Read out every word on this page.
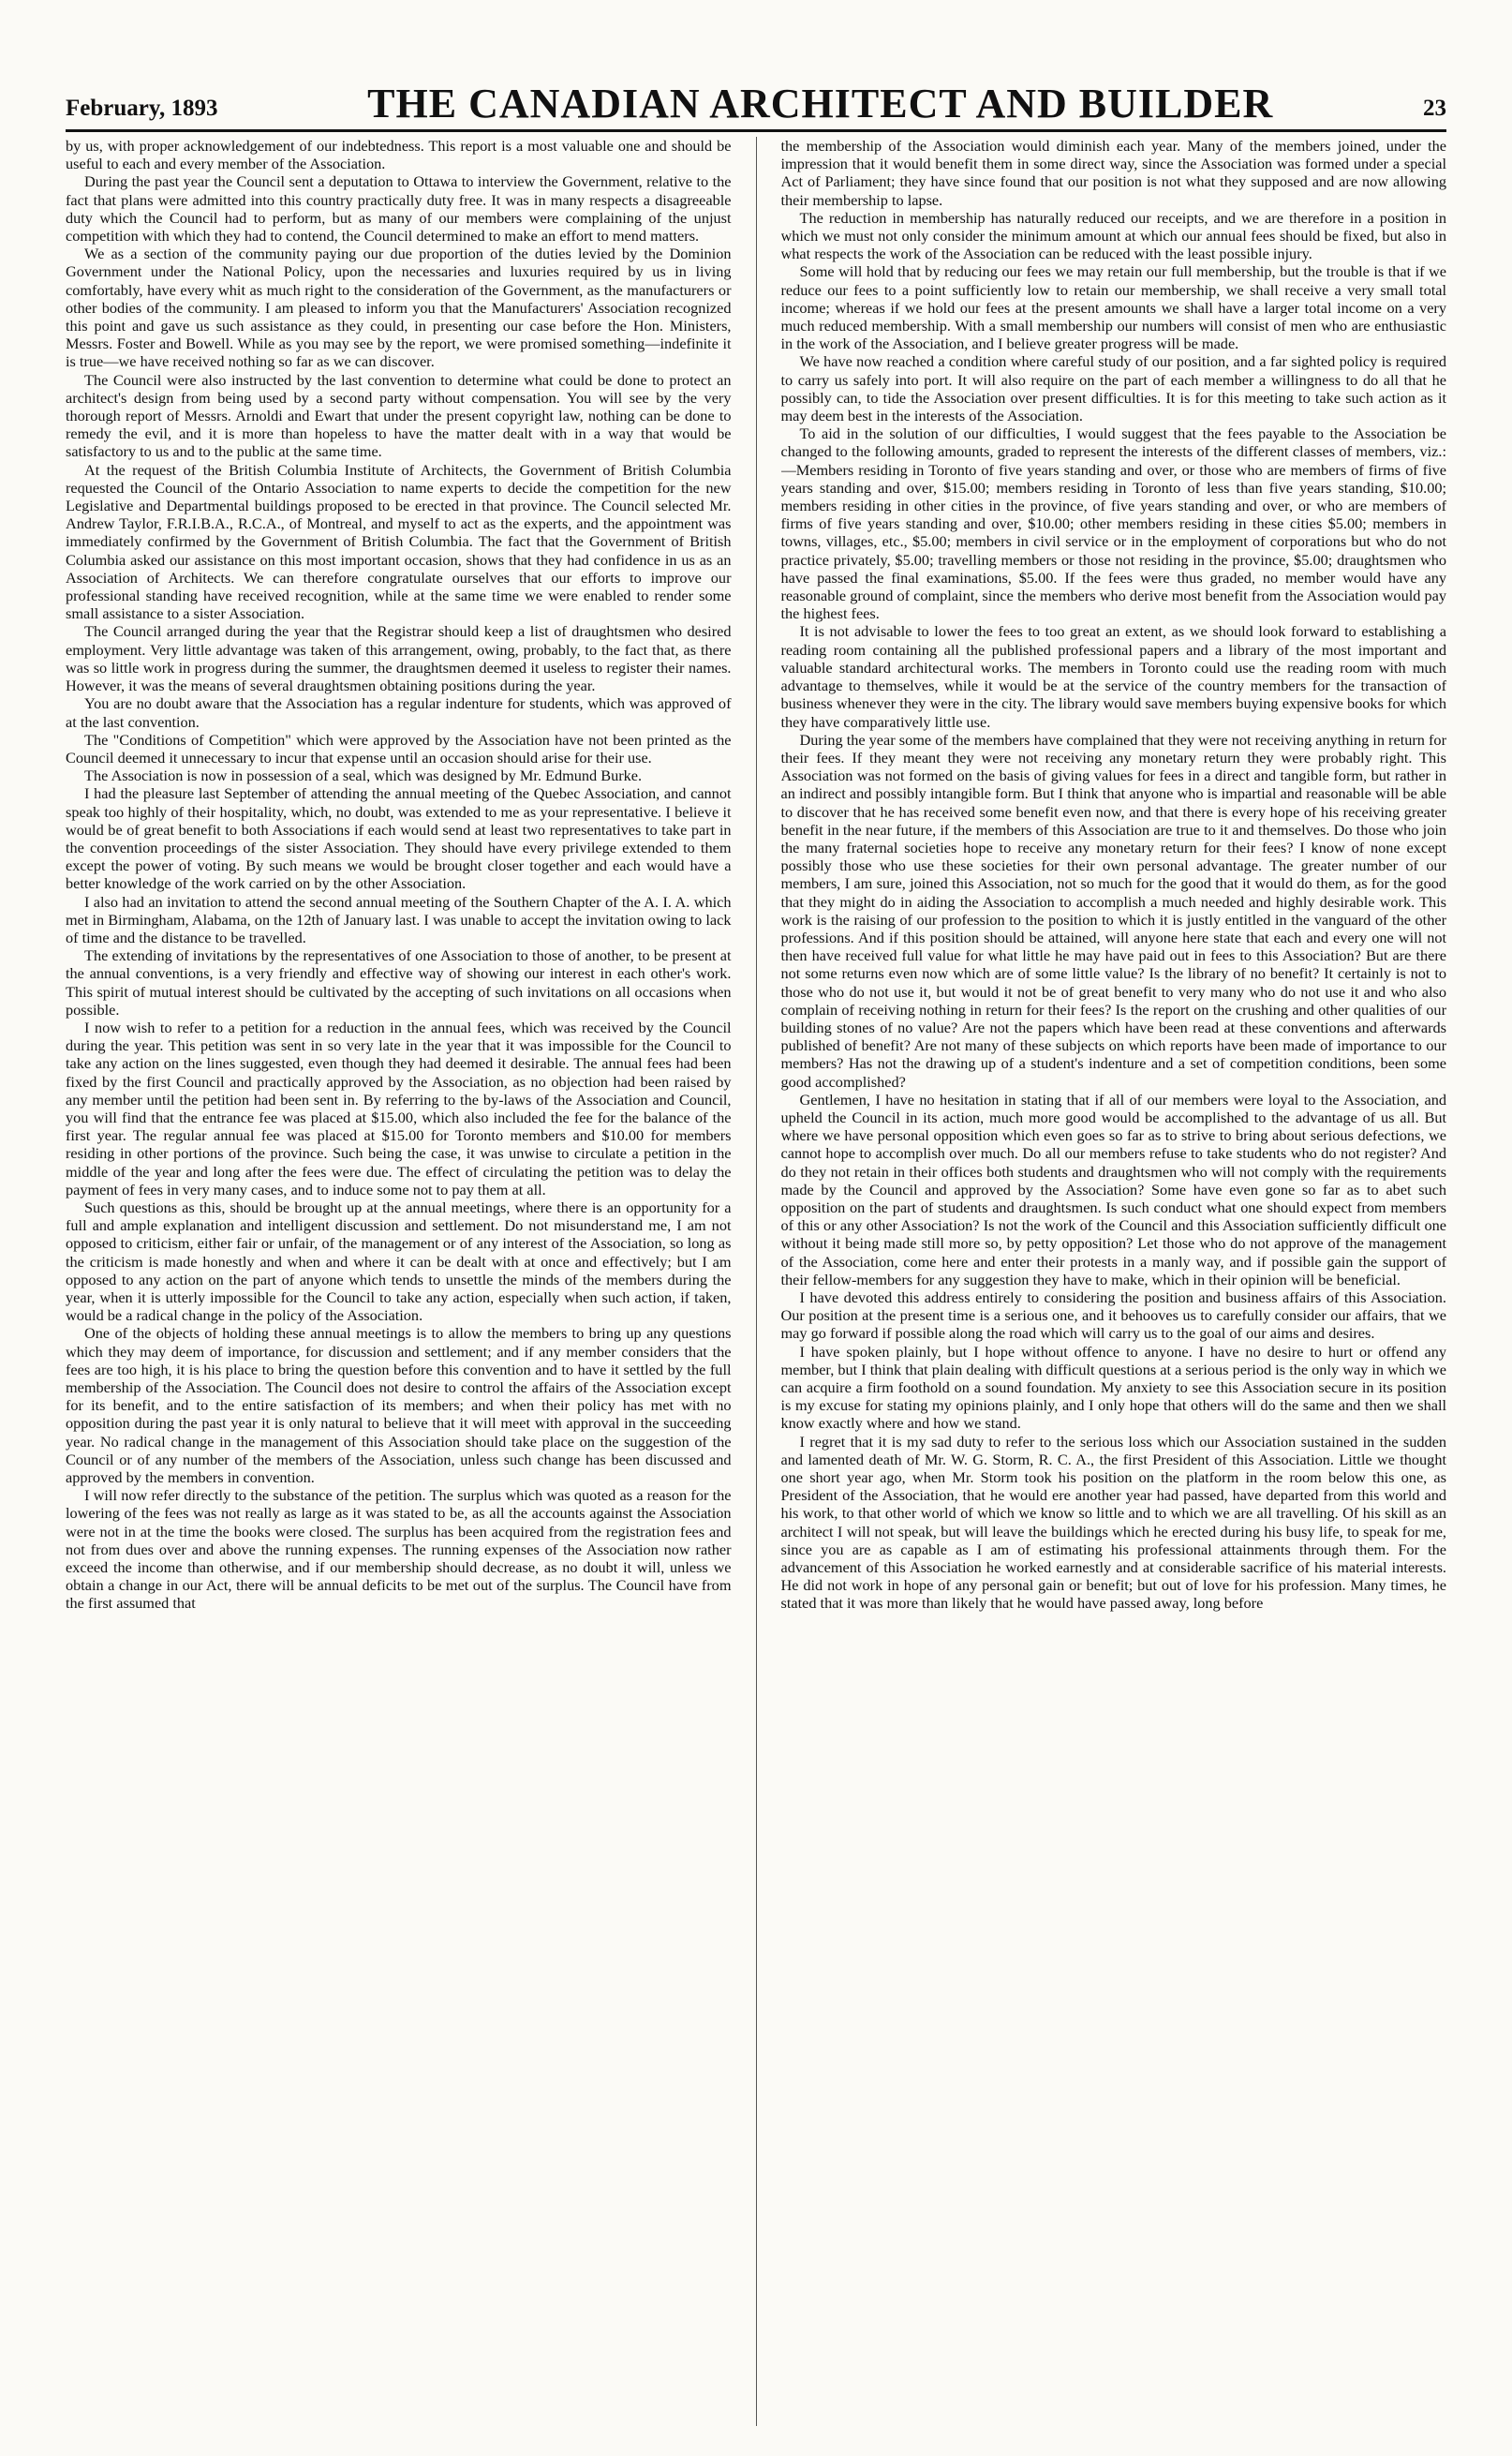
February, 1893	THE CANADIAN ARCHITECT AND BUILDER	23

by us, with proper acknowledgement of our indebtedness. This report is a most valuable one and should be useful to each and every member of the Association.

During the past year the Council sent a deputation to Ottawa to interview the Government, relative to the fact that plans were admitted into this country practically duty free. It was in many respects a disagreeable duty which the Council had to perform, but as many of our members were complaining of the unjust competition with which they had to contend, the Council determined to make an effort to mend matters.

We as a section of the community paying our due proportion of the duties levied by the Dominion Government under the National Policy, upon the necessaries and luxuries required by us in living comfortably, have every whit as much right to the consideration of the Government, as the manufacturers or other bodies of the community. I am pleased to inform you that the Manufacturers' Association recognized this point and gave us such assistance as they could, in presenting our case before the Hon. Ministers, Messrs. Foster and Bowell. While as you may see by the report, we were promised something—indefinite it is true—we have received nothing so far as we can discover.

The Council were also instructed by the last convention to determine what could be done to protect an architect's design from being used by a second party without compensation. You will see by the very thorough report of Messrs. Arnoldi and Ewart that under the present copyright law, nothing can be done to remedy the evil, and it is more than hopeless to have the matter dealt with in a way that would be satisfactory to us and to the public at the same time.

At the request of the British Columbia Institute of Architects, the Government of British Columbia requested the Council of the Ontario Association to name experts to decide the competition for the new Legislative and Departmental buildings proposed to be erected in that province. The Council selected Mr. Andrew Taylor, F.R.I.B.A., R.C.A., of Montreal, and myself to act as the experts, and the appointment was immediately confirmed by the Government of British Columbia. The fact that the Government of British Columbia asked our assistance on this most important occasion, shows that they had confidence in us as an Association of Architects. We can therefore congratulate ourselves that our efforts to improve our professional standing have received recognition, while at the same time we were enabled to render some small assistance to a sister Association.

The Council arranged during the year that the Registrar should keep a list of draughtsmen who desired employment. Very little advantage was taken of this arrangement, owing, probably, to the fact that, as there was so little work in progress during the summer, the draughtsmen deemed it useless to register their names. However, it was the means of several draughtsmen obtaining positions during the year.

You are no doubt aware that the Association has a regular indenture for students, which was approved of at the last convention.

The "Conditions of Competition" which were approved by the Association have not been printed as the Council deemed it unnecessary to incur that expense until an occasion should arise for their use.

The Association is now in possession of a seal, which was designed by Mr. Edmund Burke.

I had the pleasure last September of attending the annual meeting of the Quebec Association, and cannot speak too highly of their hospitality, which, no doubt, was extended to me as your representative. I believe it would be of great benefit to both Associations if each would send at least two representatives to take part in the convention proceedings of the sister Association. They should have every privilege extended to them except the power of voting. By such means we would be brought closer together and each would have a better knowledge of the work carried on by the other Association.

I also had an invitation to attend the second annual meeting of the Southern Chapter of the A. I. A. which met in Birmingham, Alabama, on the 12th of January last. I was unable to accept the invitation owing to lack of time and the distance to be travelled.

The extending of invitations by the representatives of one Association to those of another, to be present at the annual conventions, is a very friendly and effective way of showing our interest in each other's work. This spirit of mutual interest should be cultivated by the accepting of such invitations on all occasions when possible.

I now wish to refer to a petition for a reduction in the annual fees, which was received by the Council during the year. This petition was sent in so very late in the year that it was impossible for the Council to take any action on the lines suggested, even though they had deemed it desirable. The annual fees had been fixed by the first Council and practically approved by the Association, as no objection had been raised by any member until the petition had been sent in. By referring to the by-laws of the Association and Council, you will find that the entrance fee was placed at $15.00, which also included the fee for the balance of the first year. The regular annual fee was placed at $15.00 for Toronto members and $10.00 for members residing in other portions of the province. Such being the case, it was unwise to circulate a petition in the middle of the year and long after the fees were due. The effect of circulating the petition was to delay the payment of fees in very many cases, and to induce some not to pay them at all.

Such questions as this, should be brought up at the annual meetings, where there is an opportunity for a full and ample explanation and intelligent discussion and settlement. Do not misunderstand me, I am not opposed to criticism, either fair or unfair, of the management or of any interest of the Association, so long as the criticism is made honestly and when and where it can be dealt with at once and effectively; but I am opposed to any action on the part of anyone which tends to unsettle the minds of the members during the year, when it is utterly impossible for the Council to take any action, especially when such action, if taken, would be a radical change in the policy of the Association.

One of the objects of holding these annual meetings is to allow the members to bring up any questions which they may deem of importance, for discussion and settlement; and if any member considers that the fees are too high, it is his place to bring the question before this convention and to have it settled by the full membership of the Association. The Council does not desire to control the affairs of the Association except for its benefit, and to the entire satisfaction of its members; and when their policy has met with no opposition during the past year it is only natural to believe that it will meet with approval in the succeeding year. No radical change in the management of this Association should take place on the suggestion of the Council or of any number of the members of the Association, unless such change has been discussed and approved by the members in convention.

I will now refer directly to the substance of the petition. The surplus which was quoted as a reason for the lowering of the fees was not really as large as it was stated to be, as all the accounts against the Association were not in at the time the books were closed. The surplus has been acquired from the registration fees and not from dues over and above the running expenses. The running expenses of the Association now rather exceed the income than otherwise, and if our membership should decrease, as no doubt it will, unless we obtain a change in our Act, there will be annual deficits to be met out of the surplus. The Council have from the first assumed that

the membership of the Association would diminish each year. Many of the members joined, under the impression that it would benefit them in some direct way, since the Association was formed under a special Act of Parliament; they have since found that our position is not what they supposed and are now allowing their membership to lapse.

The reduction in membership has naturally reduced our receipts, and we are therefore in a position in which we must not only consider the minimum amount at which our annual fees should be fixed, but also in what respects the work of the Association can be reduced with the least possible injury.

Some will hold that by reducing our fees we may retain our full membership, but the trouble is that if we reduce our fees to a point sufficiently low to retain our membership, we shall receive a very small total income; whereas if we hold our fees at the present amounts we shall have a larger total income on a very much reduced membership. With a small membership our numbers will consist of men who are enthusiastic in the work of the Association, and I believe greater progress will be made.

We have now reached a condition where careful study of our position, and a far sighted policy is required to carry us safely into port. It will also require on the part of each member a willingness to do all that he possibly can, to tide the Association over present difficulties. It is for this meeting to take such action as it may deem best in the interests of the Association.

To aid in the solution of our difficulties, I would suggest that the fees payable to the Association be changed to the following amounts, graded to represent the interests of the different classes of members, viz.:—Members residing in Toronto of five years standing and over, or those who are members of firms of five years standing and over, $15.00; members residing in Toronto of less than five years standing, $10.00; members residing in other cities in the province, of five years standing and over, or who are members of firms of five years standing and over, $10.00; other members residing in these cities $5.00; members in towns, villages, etc., $5.00; members in civil service or in the employment of corporations but who do not practice privately, $5.00; travelling members or those not residing in the province, $5.00; draughtsmen who have passed the final examinations, $5.00. If the fees were thus graded, no member would have any reasonable ground of complaint, since the members who derive most benefit from the Association would pay the highest fees.

It is not advisable to lower the fees to too great an extent, as we should look forward to establishing a reading room containing all the published professional papers and a library of the most important and valuable standard architectural works. The members in Toronto could use the reading room with much advantage to themselves, while it would be at the service of the country members for the transaction of business whenever they were in the city. The library would save members buying expensive books for which they have comparatively little use.

During the year some of the members have complained that they were not receiving anything in return for their fees. If they meant they were not receiving any monetary return they were probably right. This Association was not formed on the basis of giving values for fees in a direct and tangible form, but rather in an indirect and possibly intangible form. But I think that anyone who is impartial and reasonable will be able to discover that he has received some benefit even now, and that there is every hope of his receiving greater benefit in the near future, if the members of this Association are true to it and themselves. Do those who join the many fraternal societies hope to receive any monetary return for their fees? I know of none except possibly those who use these societies for their own personal advantage. The greater number of our members, I am sure, joined this Association, not so much for the good that it would do them, as for the good that they might do in aiding the Association to accomplish a much needed and highly desirable work. This work is the raising of our profession to the position to which it is justly entitled in the vanguard of the other professions. And if this position should be attained, will anyone here state that each and every one will not then have received full value for what little he may have paid out in fees to this Association? But are there not some returns even now which are of some little value? Is the library of no benefit? It certainly is not to those who do not use it, but would it not be of great benefit to very many who do not use it and who also complain of receiving nothing in return for their fees? Is the report on the crushing and other qualities of our building stones of no value? Are not the papers which have been read at these conventions and afterwards published of benefit? Are not many of these subjects on which reports have been made of importance to our members? Has not the drawing up of a student's indenture and a set of competition conditions, been some good accomplished?

Gentlemen, I have no hesitation in stating that if all of our members were loyal to the Association, and upheld the Council in its action, much more good would be accomplished to the advantage of us all. But where we have personal opposition which even goes so far as to strive to bring about serious defections, we cannot hope to accomplish over much. Do all our members refuse to take students who do not register? And do they not retain in their offices both students and draughtsmen who will not comply with the requirements made by the Council and approved by the Association? Some have even gone so far as to abet such opposition on the part of students and draughtsmen. Is such conduct what one should expect from members of this or any other Association? Is not the work of the Council and this Association sufficiently difficult one without it being made still more so, by petty opposition? Let those who do not approve of the management of the Association, come here and enter their protests in a manly way, and if possible gain the support of their fellow-members for any suggestion they have to make, which in their opinion will be beneficial.

I have devoted this address entirely to considering the position and business affairs of this Association. Our position at the present time is a serious one, and it behooves us to carefully consider our affairs, that we may go forward if possible along the road which will carry us to the goal of our aims and desires.

I have spoken plainly, but I hope without offence to anyone. I have no desire to hurt or offend any member, but I think that plain dealing with difficult questions at a serious period is the only way in which we can acquire a firm foothold on a sound foundation. My anxiety to see this Association secure in its position is my excuse for stating my opinions plainly, and I only hope that others will do the same and then we shall know exactly where and how we stand.

I regret that it is my sad duty to refer to the serious loss which our Association sustained in the sudden and lamented death of Mr. W. G. Storm, R. C. A., the first President of this Association. Little we thought one short year ago, when Mr. Storm took his position on the platform in the room below this one, as President of the Association, that he would ere another year had passed, have departed from this world and his work, to that other world of which we know so little and to which we are all travelling. Of his skill as an architect I will not speak, but will leave the buildings which he erected during his busy life, to speak for me, since you are as capable as I am of estimating his professional attainments through them. For the advancement of this Association he worked earnestly and at considerable sacrifice of his material interests. He did not work in hope of any personal gain or benefit; but out of love for his profession. Many times, he stated that it was more than likely that he would have passed away, long before
